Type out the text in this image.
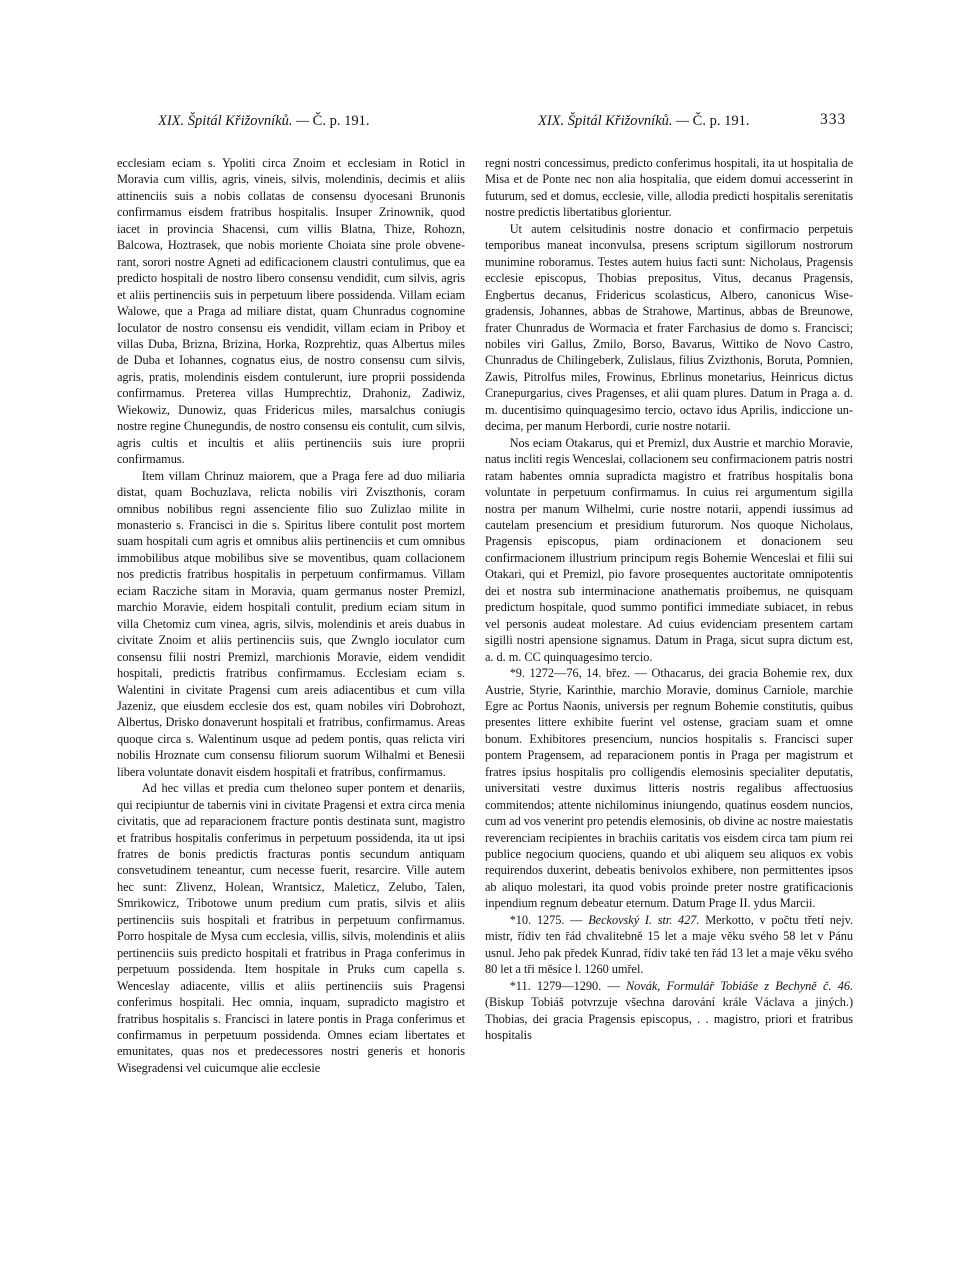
XIX. Špitál Křižovníků. — Č. p. 191.	XIX. Špitál Křižovníků. — Č. p. 191.	333

ecclesiam eciam s. Ypoliti circa Znoim et ecclesiam in Roticl in Moravia cum villis, agris, vineis, silvis, molendinis, decimis et aliis attinenciis suis a nobis collatas de consensu dyocesani Brunonis confirmamus eisdem fratribus hospitalis. Insuper Zrinownik, quod iacet in provincia Shacensi, cum villis Blatna, Thize, Rohozn, Balcowa, Hoztrasek, que nobis moriente Choiata sine prole obvenerant, sorori nostre Agneti ad edificacionem claustri contulimus, que ea predicto hospitali de nostro libero consensu vendidit, cum silvis, agris et aliis pertinenciis suis in perpetuum libere possidenda. Villam eciam Walowe, que a Praga ad miliare distat, quam Chunradus cognomine Ioculator de nostro consensu eis vendidit, villam eciam in Priboy et villas Duba, Brizna, Brizina, Horka, Rozprehtiz, quas Albertus miles de Duba et Iohannes, cognatus eius, de nostro consensu cum silvis, agris, pratis, molendinis eisdem contulerunt, iure proprii possidenda confirmamus. Preterea villas Humprechtiz, Drahoniz, Zadiwiz, Wiekowiz, Dunowiz, quas Fridericus miles, marsalchus coniugis nostre regine Chunegundis, de nostro consensu eis contulit, cum silvis, agris cultis et incultis et aliis pertinenciis suis iure proprii confirmamus.

Item villam Chrinuz maiorem, que a Praga fere ad duo miliaria distat, quam Bochuzlava, relicta nobilis viri Zviszthonis, coram omnibus nobilibus regni assenciente filio suo Zulizlao milite in monasterio s. Francisci in die s. Spiritus libere contulit post mortem suam hospitali cum agris et omnibus aliis pertinenciis et cum omnibus immobilibus atque mobilibus sive se moventibus, quam collacionem nos predictis fratribus hospitalis in perpetuum confirmamus. Villam eciam Racziche sitam in Moravia, quam germanus noster Premizl, marchio Moravie, eidem hospitali contulit, predium eciam situm in villa Chetomiz cum vinea, agris, silvis, molendinis et areis duabus in civitate Znoim et aliis pertinenciis suis, que Zwnglo ioculator cum consensu filii nostri Premizl, marchionis Moravie, eidem vendidit hospitali, predictis fratribus confirmamus. Ecclesiam eciam s. Walentini in civitate Pragensi cum areis adiacentibus et cum villa Jazeniz, que eiusdem ecclesie dos est, quam nobiles viri Dobrohozt, Albertus, Drisko donaverunt hospitali et fratribus, confirmamus. Areas quoque circa s. Walentinum usque ad pedem pontis, quas relicta viri nobilis Hroznate cum consensu filiorum suorum Wilhalmi et Benesii libera voluntate donavit eisdem hospitali et fratribus, confirmamus.

Ad hec villas et predia cum theloneo super pontem et denariis, qui recipiuntur de tabernis vini in civitate Pragensi et extra circa menia civitatis, que ad reparacionem fracture pontis destinata sunt, magistro et fratribus hospitalis conferimus in perpetuum possidenda, ita ut ipsi fratres de bonis predictis fracturas pontis secundum antiquam consvetudinem teneantur, cum necesse fuerit, resarcire. Ville autem hec sunt: Zlivenz, Holean, Wrantsicz, Maleticz, Zelubo, Talen, Smrikowicz, Tribotowe unum predium cum pratis, silvis et aliis pertinenciis suis hospitali et fratribus in perpetuum confirmamus. Porro hospitale de Mysa cum ecclesia, villis, silvis, molendinis et aliis pertinenciis suis predicto hospitali et fratribus in Praga conferimus in perpetuum possidenda. Item hospitale in Pruks cum capella s. Wenceslay adiacente, villis et aliis pertinenciis suis Pragensi conferimus hospitali. Hec omnia, inquam, supradicto magistro et fratribus hospitalis s. Francisci in latere pontis in Praga conferimus et confirmamus in perpetuum possidenda. Omnes eciam libertates et emunitates, quas nos et predecessores nostri generis et honoris Wisegradensi vel cuicumque alie ecclesie

regni nostri concessimus, predicto conferimus hospitali, ita ut hospitalia de Misa et de Ponte nec non alia hospitalia, que eidem domui accesserint in futurum, sed et domus, ecclesie, ville, allodia predicti hospitalis serenitatis nostre predictis libertatibus glorientur.

Ut autem celsitudinis nostre donacio et confirmacio perpetuis temporibus maneat inconvulsa, presens scriptum sigillorum nostrorum munimine roboramus. Testes autem huius facti sunt: Nicholaus, Pragensis ecclesie episcopus, Thobias prepositus, Vitus, decanus Pragensis, Engbertus decanus, Fridericus scolasticus, Albero, canonicus Wisegradensis, Johannes, abbas de Strahowe, Martinus, abbas de Breunowe, frater Chunradus de Wormacia et frater Farchasius de domo s. Francisci; nobiles viri Gallus, Zmilo, Borso, Bavarus, Wittiko de Novo Castro, Chunradus de Chilingeberk, Zulislaus, filius Zvizthonis, Boruta, Pomnien, Zawis, Pitrolfus miles, Frowinus, Ebrlinus monetarius, Heinricus dictus Cranepurgarius, cives Pragenses, et alii quam plures. Datum in Praga a. d. m. ducentisimo quinquagesimo tercio, octavo idus Aprilis, indiccione undecima, per manum Herbordi, curie nostre notarii.

Nos eciam Otakarus, qui et Premizl, dux Austrie et marchio Moravie, natus incliti regis Wenceslai, collacionem seu confirmacionem patris nostri ratam habentes omnia supradicta magistro et fratribus hospitalis bona voluntate in perpetuum confirmamus. In cuius rei argumentum sigilla nostra per manum Wilhelmi, curie nostre notarii, appendi iussimus ad cautelam presencium et presidium futurorum. Nos quoque Nicholaus, Pragensis episcopus, piam ordinacionem et donacionem seu confirmacionem illustrium principum regis Bohemie Wenceslai et filii sui Otakari, qui et Premizl, pio favore prosequentes auctoritate omnipotentis dei et nostra sub interminacione anathematis proibemus, ne quisquam predictum hospitale, quod summo pontifici immediate subiacet, in rebus vel personis audeat molestare. Ad cuius evidenciam presentem cartam sigilli nostri apensione signamus. Datum in Praga, sicut supra dictum est, a. d. m. CC quinquagesimo tercio.

*9. 1272—76, 14. břez. — Othacarus, dei gracia Bohemie rex, dux Austrie, Styrie, Karinthie, marchio Moravie, dominus Carniole, marchie Egre ac Portus Naonis, universis per regnum Bohemie constitutis, quibus presentes littere exhibite fuerint vel ostense, graciam suam et omne bonum. Exhibitores presencium, nuncios hospitalis s. Francisci super pontem Pragensem, ad reparacionem pontis in Praga per magistrum et fratres ipsius hospitalis pro colligendis elemosinis specialiter deputatis, universitati vestre duximus litteris nostris regalibus affectuosius commitendos; attente nichilominus iniungendo, quatinus eosdem nuncios, cum ad vos venerint pro petendis elemosinis, ob divine ac nostre maiestatis reverenciam recipientes in brachiis caritatis vos eisdem circa tam pium rei publice negocium quociens, quando et ubi aliquem seu aliquos ex vobis requirendos duxerint, debeatis benivolos exhibere, non permittentes ipsos ab aliquo molestari, ita quod vobis proinde preter nostre gratificacionis inpendium regnum debeatur eternum. Datum Prage II. ydus Marcii.

*10. 1275. — Beckovský I. str. 427. Merkotto, v počtu třetí nejv. mistr, řídiv ten řád chvalitebně 15 let a maje věku svého 58 let v Pánu usnul. Jeho pak předek Kunrad, řídiv také ten řád 13 let a maje věku svého 80 let a tři měsíce l. 1260 umřel.

*11. 1279—1290. — Novák, Formulář Tobiáše z Bechyně č. 46. (Biskup Tobiáš potvrzuje všechna darování krále Václava a jiných.) Thobias, dei gracia Pragensis episcopus, . . magistro, priori et fratribus hospitalis
